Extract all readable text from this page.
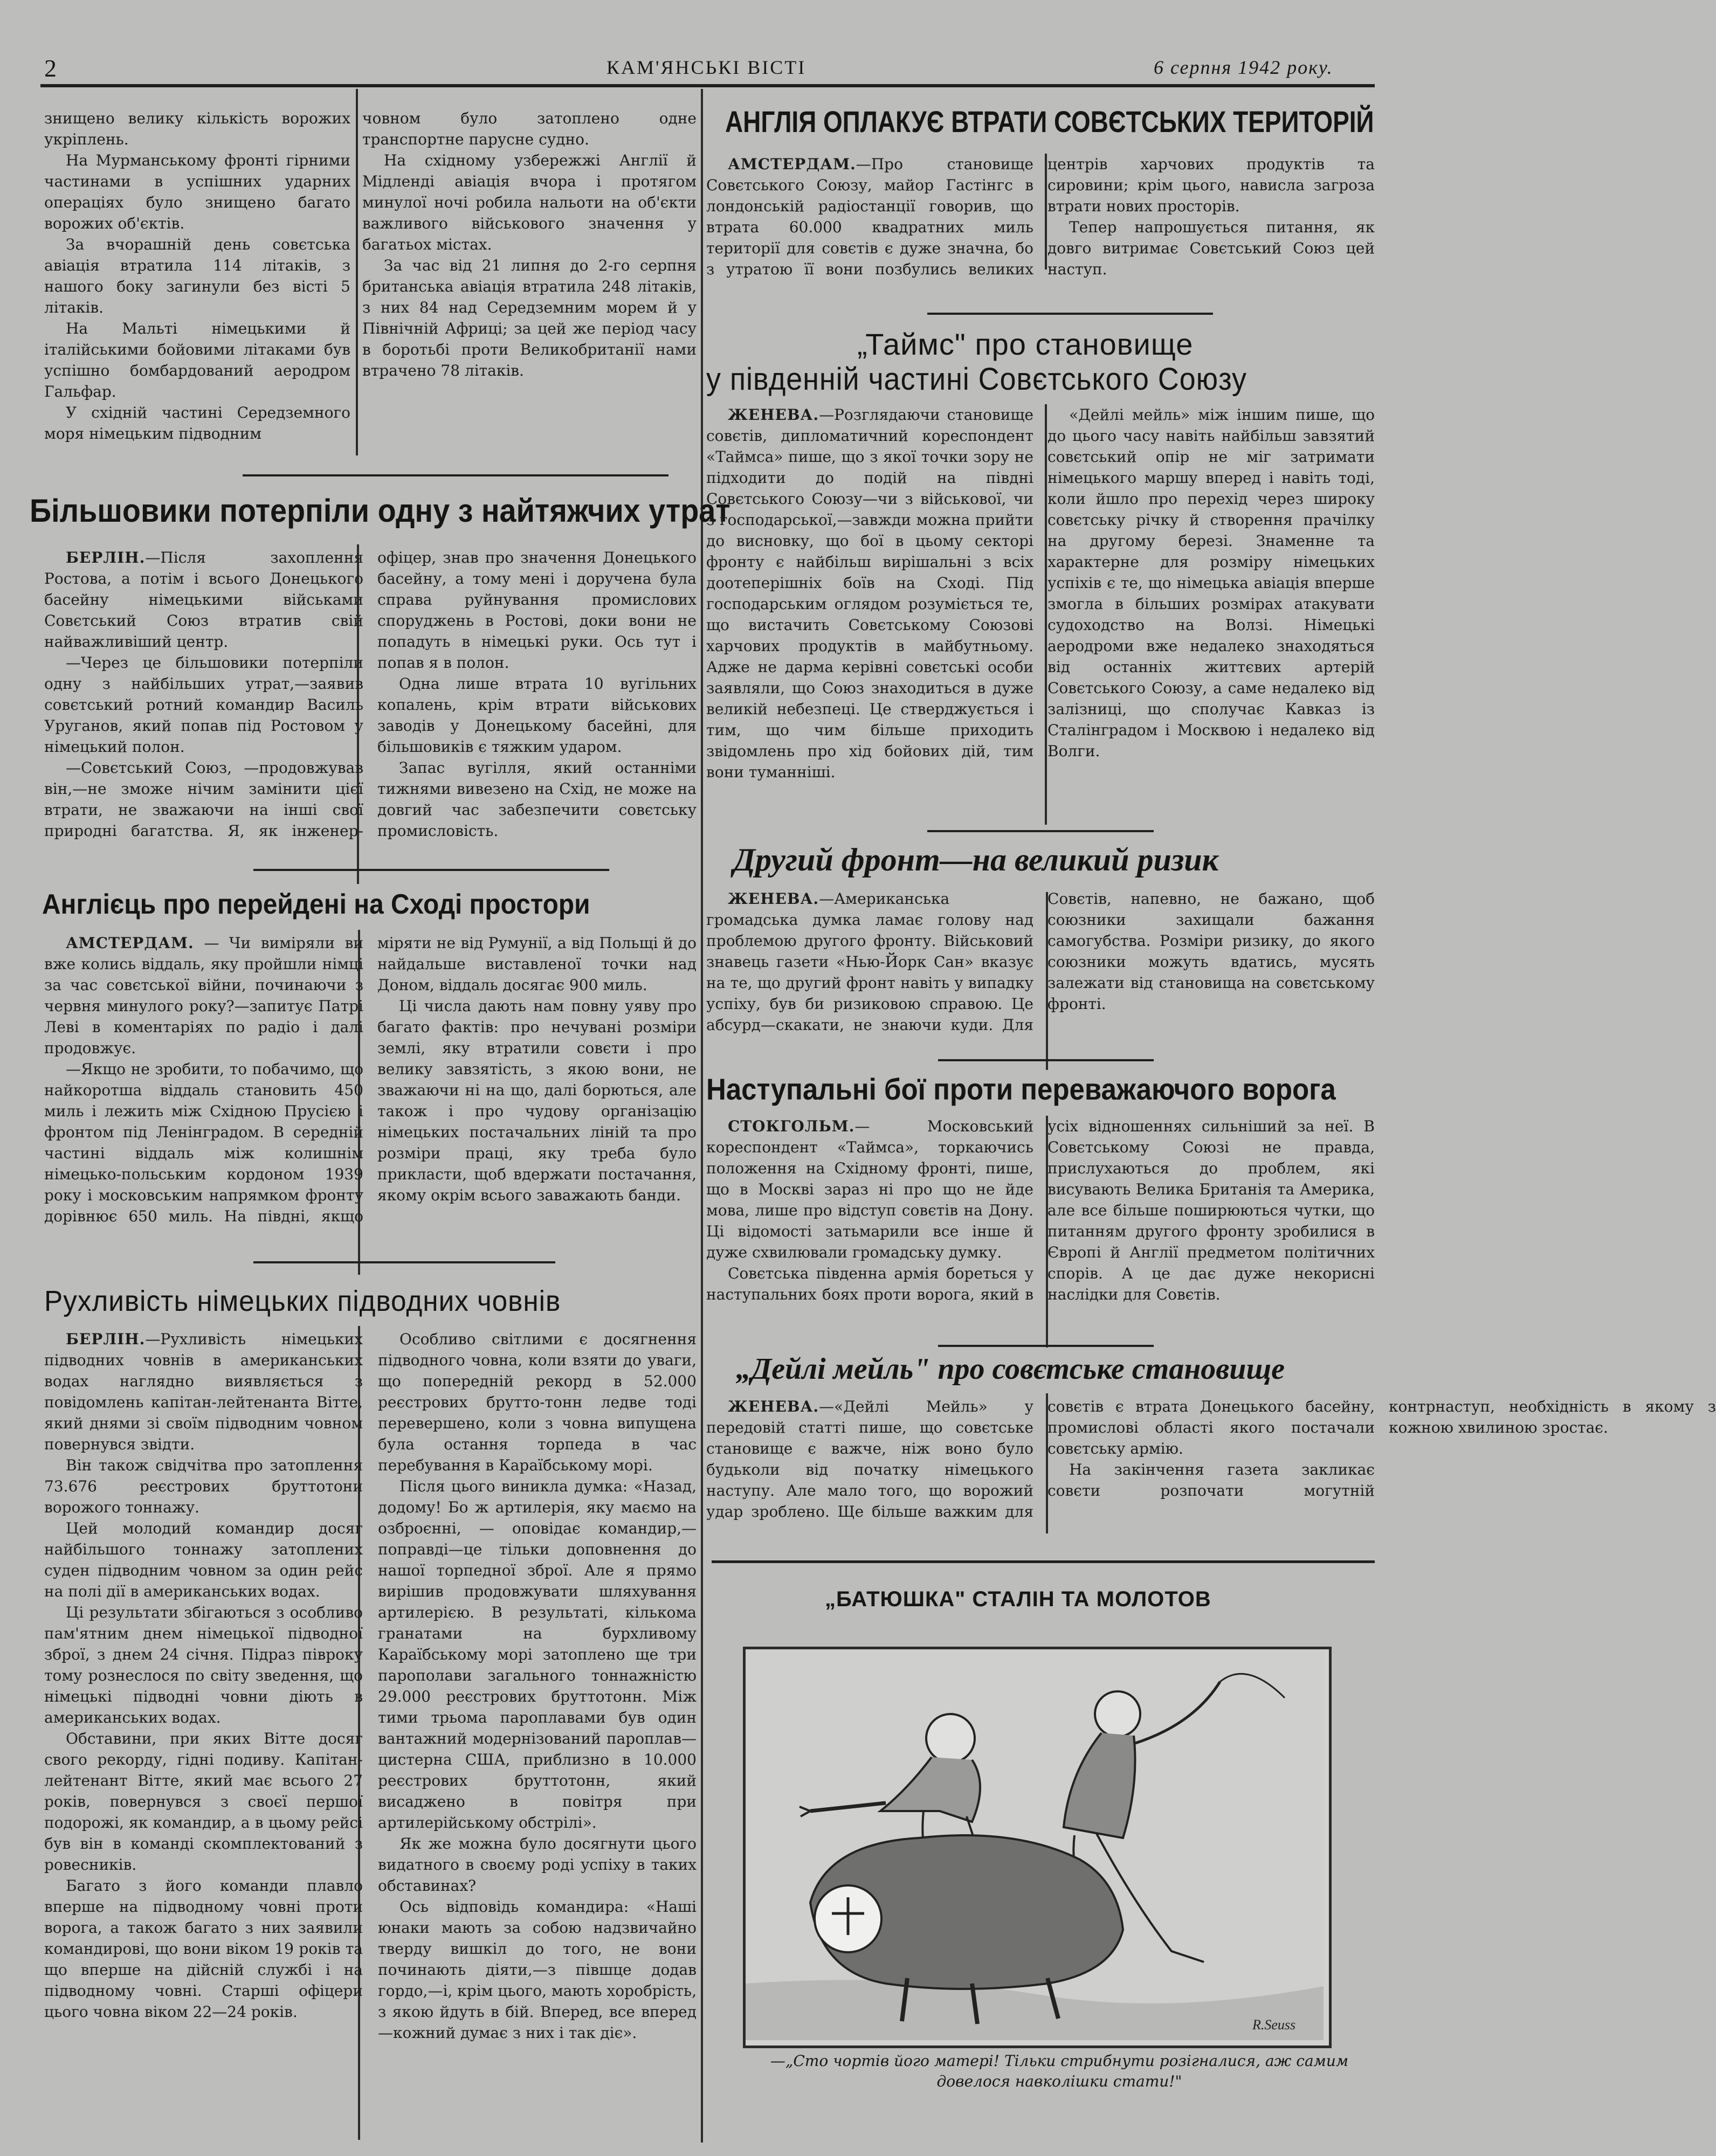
2	КАМ'ЯНСЬКІ ВІСТІ	6 серпня 1942 року.

знищено велику кількість ворожих укріплень.

На Мурманському фронті гірними частинами в успішних ударних операціях було знищено багато ворожих об'єктів.

За вчорашній день совєтська авіація втратила 114 літаків, з нашого боку загинули без вісті 5 літаків.

На Мальті німецькими й італійськими бойовими літаками був успішно бомбардований аеродром Гальфар.

У східній частині Середземного моря німецьким підводним

човном було затоплено одне транспортне парусне судно.

На східному узбережжі Англії й Мідленді авіація вчора і протягом минулої ночі робила нальоти на об'єкти важливого військового значення у багатьох містах.

За час від 21 липня до 2-го серпня британська авіація втратила 248 літаків, з них 84 над Середземним морем й у Північній Африці; за цей же період часу в боротьбі проти Великобританії нами втрачено 78 літаків.

Більшовики потерпіли одну з найтяжчих утрат

БЕРЛІН.—Після захоплення Ростова, а потім і всього Донецького басейну німецькими військами Совєтський Союз втратив свій найважливіший центр.

—Через це більшовики потерпіли одну з найбільших утрат,—заявив совєтський ротний командир Василь Уруганов, який попав під Ростовом у німецький полон.

—Совєтський Союз, —продовжував він,—не зможе нічим замінити цієї втрати, не зважаючи на інші свої природні багатства. Я, як інженер-офіцер, знав про значення Донецького басейну, а тому мені і доручена була справа руйнування промислових споруджень в Ростові, доки вони не попадуть в німецькі руки. Ось тут і попав я в полон.

Одна лише втрата 10 вугільних копалень, крім втрати військових заводів у Донецькому басейні, для більшовиків є тяжким ударом.

Запас вугілля, який останніми тижнями вивезено на Схід, не може на довгий час забезпечити совєтську промисловість.

Англієць про перейдені на Сході простори

АМСТЕРДАМ. — Чи виміряли ви вже колись віддаль, яку пройшли німці за час совєтської війни, починаючи з червня минулого року?—запитує Патрі Леві в коментаріях по радіо і далі продовжує.

—Якщо не зробити, то побачимо, що найкоротша віддаль становить 450 миль і лежить між Східною Прусією і фронтом під Ленінградом. В середній частині віддаль між колишнім німецько-польським кордоном 1939 року і московським напрямком фронту дорівнює 650 миль. На півдні, якщо міряти не від Румунії, а від Польщі й до найдальше виставленої точки над Доном, віддаль досягає 900 миль.

Ці числа дають нам повну уяву про багато фактів: про нечувані розміри землі, яку втратили совєти і про велику завзятість, з якою вони, не зважаючи ні на що, далі борються, але також і про чудову організацію німецьких постачальних ліній та про розміри праці, яку треба було прикласти, щоб вдержати постачання, якому окрім всього заважають банди.

Рухливість німецьких підводних човнів

БЕРЛІН.—Рухливість німецьких підводних човнів в американських водах наглядно виявляється з повідомлень капітан-лейтенанта Вітте, який днями зі своїм підводним човном повернувся звідти.

Він також свідчітва про затоплення 73.676 реєстрових бруттотони ворожого тоннажу.

Цей молодий командир досяг найбільшого тоннажу затоплених суден підводним човном за один рейс на полі дії в американських водах.

Ці результати збігаються з особливо пам'ятним днем німецької підводної зброї, з днем 24 січня. Підраз півроку тому рознеслося по світу зведення, що німецькі підводні човни діють в американських водах.

Обставини, при яких Вітте досяг свого рекорду, гідні подиву. Капітан-лейтенант Вітте, який має всього 27 років, повернувся з своєї першої подорожі, як командир, а в цьому рейсі був він в команді скомплектований з ровесників.

Багато з його команди плавло вперше на підводному човні проти ворога, а також багато з них заявили командирові, що вони віком 19 років та що вперше на дійсній службі і на підводному човні. Старші офіцери цього човна віком 22—24 років.

Особливо світлими є досягнення підводного човна, коли взяти до уваги, що попередній рекорд в 52.000 реєстрових брутто-тонн ледве тоді перевершено, коли з човна випущена була остання торпеда в час перебування в Караїбському морі.

Після цього виникла думка: «Назад, додому! Бо ж артилерія, яку маємо на озброєнні, — оповідає командир,—поправді—це тільки доповнення до нашої торпедної зброї. Але я прямо вирішив продовжувати шляхування артилерією. В результаті, кількома гранатами на бурхливому Караїбському морі затоплено ще три парополави загального тоннажністю 29.000 реєстрових бруттотонн. Між тими трьома пароплавами був один вантажний модернізований пароплав—цистерна США, приблизно в 10.000 реєстрових бруттотонн, який висаджено в повітря при артилерійському обстрілі».

Як же можна було досягнути цього видатного в своєму роді успіху в таких обставинах?

Ось відповідь командира: «Наші юнаки мають за собою надзвичайно тверду вишкіл до того, не вони починають діяти,—з півшце додав гордо,—і, крім цього, мають хоробрість, з якою йдуть в бій. Вперед, все вперед—кожний думає з них і так діє».

АНГЛІЯ ОПЛАКУЄ ВТРАТИ СОВЄТСЬКИХ ТЕРИТОРІЙ

АМСТЕРДАМ.—Про становище Совєтського Союзу, майор Гастінгс в лондонській радіостанції говорив, що втрата 60.000 квадратних миль території для совєтів є дуже значна, бо з утратою її вони позбулись великих центрів харчових продуктів та сировини; крім цього, нависла загроза втрати нових просторів.

Тепер напрошується питання, як довго витримає Совєтський Союз цей наступ.

„Таймс" про становище
у південній частині Совєтського Союзу

ЖЕНЕВА.—Розглядаючи становище совєтів, дипломатичний кореспондент «Таймса» пише, що з якої точки зору не підходити до подій на півдні Совєтського Союзу—чи з військової, чи з господарської,—завжди можна прийти до висновку, що бої в цьому секторі фронту є найбільш вирішальні з всіх доотеперішніх боїв на Сході. Під господарським оглядом розуміється те, що вистачить Совєтському Союзові харчових продуктів в майбутньому. Адже не дарма керівні совєтські особи заявляли, що Союз знаходиться в дуже великій небезпеці. Це стверджується і тим, що чим більше приходить звідомлень про хід бойових дій, тим вони туманніші.

«Дейлі мейль» між іншим пише, що до цього часу навіть найбільш завзятий совєтський опір не міг затримати німецького маршу вперед і навіть тоді, коли йшло про перехід через широку совєтську річку й створення прачілку на другому березі. Знаменне та характерне для розміру німецьких успіхів є те, що німецька авіація вперше змогла в більших розмірах атакувати судоходство на Волзі. Німецькі аеродроми вже недалеко знаходяться від останніх життєвих артерій Совєтського Союзу, а саме недалеко від залізниці, що сполучає Кавказ із Сталінградом і Москвою і недалеко від Волги.

Другий фронт—на великий ризик

ЖЕНЕВА.—Американська громадська думка ламає голову над проблемою другого фронту. Військовий знавець газети «Нью-Йорк Сан» вказує на те, що другий фронт навіть у випадку успіху, був би ризиковою справою. Це абсурд—скакати, не знаючи куди. Для Совєтів, напевно, не бажано, щоб союзники захищали бажання самогубства. Розміри ризику, до якого союзники можуть вдатись, мусять залежати від становища на совєтському фронті.

Наступальні бої проти переважаючого ворога

СТОКГОЛЬМ.— Московський кореспондент «Таймса», торкаючись положення на Східному фронті, пише, що в Москві зараз ні про що не йде мова, лише про відступ совєтів на Дону. Ці відомості затьмарили все інше й дуже схвилювали громадську думку.

Совєтська південна армія бореться у наступальних боях проти ворога, який в усіх відношеннях сильніший за неї. В Совєтському Союзі не правда, прислухаються до проблем, які висувають Велика Британія та Америка, але все більше поширюються чутки, що питанням другого фронту зробилися в Європі й Англії предметом політичних спорів. А це дає дуже некорисні наслідки для Совєтів.

„Дейлі мейль" про совєтське становище

ЖЕНЕВА.—«Дейлі Мейль» у передовій статті пише, що совєтське становище є важче, ніж воно було будьколи від початку німецького наступу. Але мало того, що ворожий удар зроблено. Ще більше важким для совєтів є втрата Донецького басейну, промислові області якого постачали совєтську армію.

На закінчення газета закликає совєти розпочати могутній контрнаступ, необхідність в якому з кожною хвилиною зростає.

„БАТЮШКА" СТАЛІН ТА МОЛОТОВ
R.Seuss
—„Сто чортів його матері! Тільки стрибнути розігналися, аж самим довелося навколішки стати!"
